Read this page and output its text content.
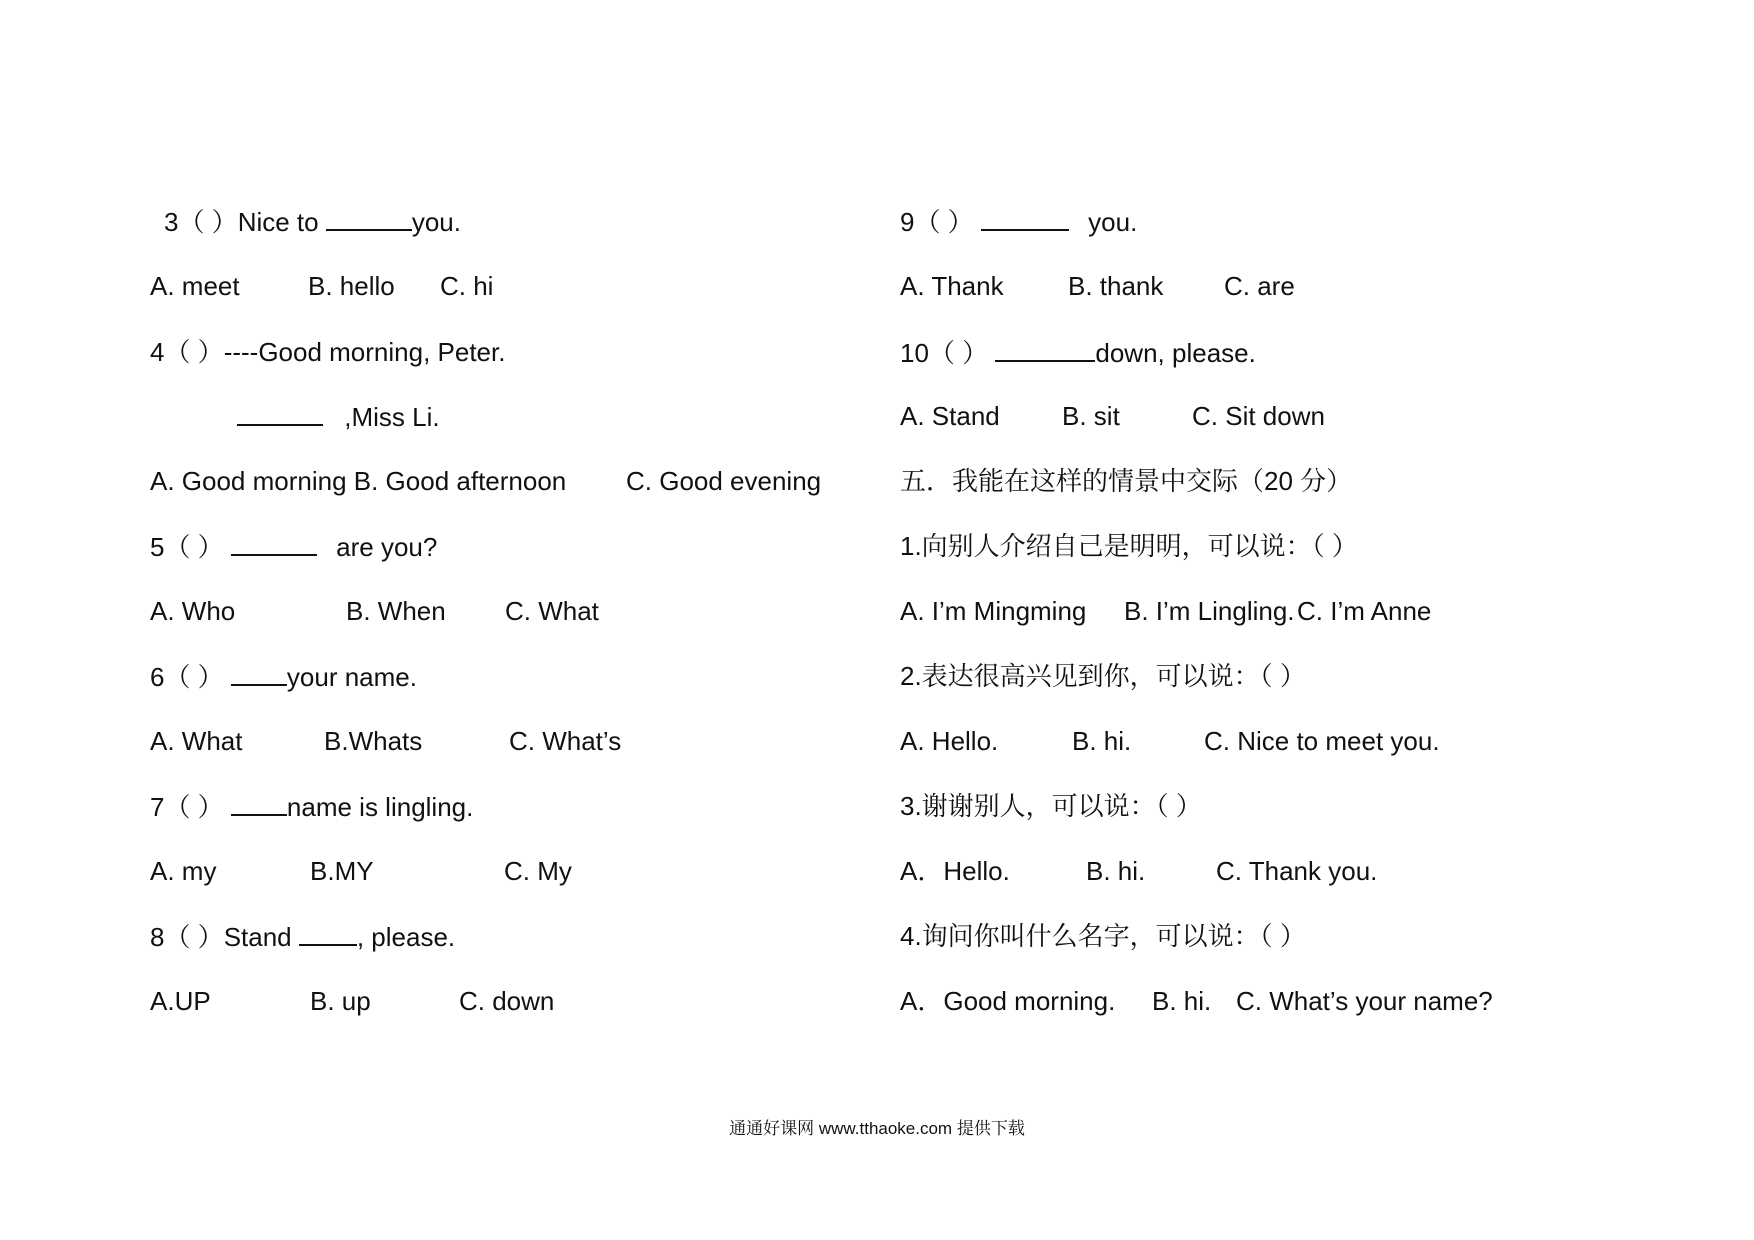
3（ ）Nice to	you.
A. meet	B. hello C. hi
4（ ）----Good morning, Peter.
,Miss Li.
A. Good morning B. Good afternoon C. Good evening
5（ ）	are you?
A. Who	B. When C. What
6（ ） your name.
A. What	B.Whats	C. What’s
7（ ） name is lingling.
A. my	B.MY	C. My
8（ ）Stand , please.
A.UP	B. up	C. down
9（ ）	you.
A. Thank B. thank C. are
10（ ）	down, please.
A. Stand B. sit	C. Sit down
五．我能在这样的情景中交际（20 分）
1.向别人介绍自己是明明，可以说：（ ）
A. I’m Mingming B. I’m Lingling. C. I’m Anne
2.表达很高兴见到你，可以说：（ ）
A. Hello.	B. hi.	C. Nice to meet you.
3.谢谢别人，可以说：（ ）
A．Hello.	B. hi.	C. Thank you.
4.询问你叫什么名字，可以说：（ ）
A．Good morning. B. hi. C. What’s your name?
通通好课网 www.tthaoke.com 提供下载
